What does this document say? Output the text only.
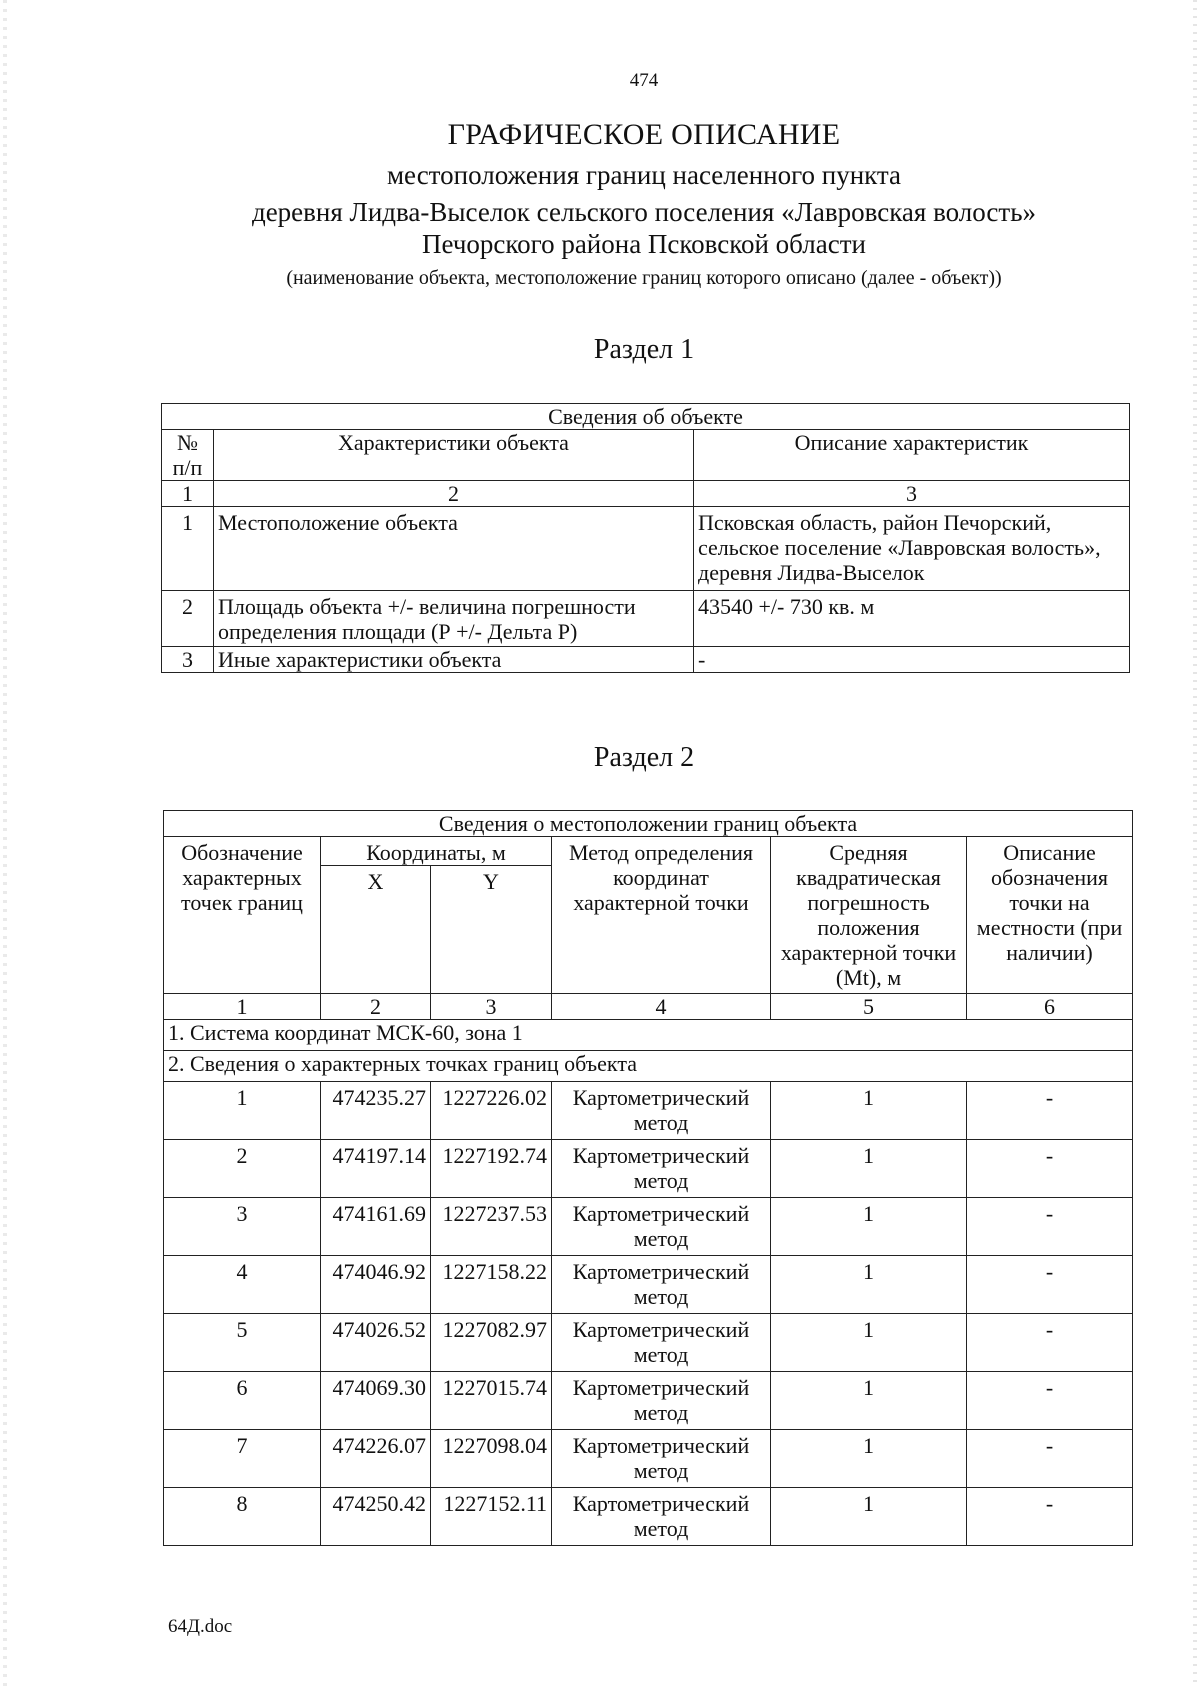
474
ГРАФИЧЕСКОЕ ОПИСАНИЕ
местоположения границ населенного пункта
деревня Лидва-Выселок сельского поселения «Лавровская волость»
Печорского района Псковской области
(наименование объекта, местоположение границ которого описано (далее - объект))
Раздел 1
Сведения об объекте		
№ п/п	Характеристики объекта	Описание характеристик
1	2	3
1	Местоположение объекта	Псковская область, район Печорский, сельское поселение «Лавровская волость», деревня Лидва-Выселок
2	Площадь объекта +/- величина погрешности определения площади (Р +/- Дельта Р)	43540 +/- 730 кв. м
3	Иные характеристики объекта	-
Раздел 2
Сведения о местоположении границ объекта					
Обозначение характерных точек границ	Координаты, м		Метод определения координат характерной точки	Средняя квадратическая погрешность положения характерной точки (Mt), м	Описание обозначения точки на местности (при наличии)
	X	Y			
1	2	3	4	5	6
1. Система координат МСК-60, зона 1					
2. Сведения о характерных точках границ объекта					
1	474235.27	1227226.02	Картометрический метод	1	-
2	474197.14	1227192.74	Картометрический метод	1	-
3	474161.69	1227237.53	Картометрический метод	1	-
4	474046.92	1227158.22	Картометрический метод	1	-
5	474026.52	1227082.97	Картометрический метод	1	-
6	474069.30	1227015.74	Картометрический метод	1	-
7	474226.07	1227098.04	Картометрический метод	1	-
8	474250.42	1227152.11	Картометрический метод	1	-
64Д.doc
